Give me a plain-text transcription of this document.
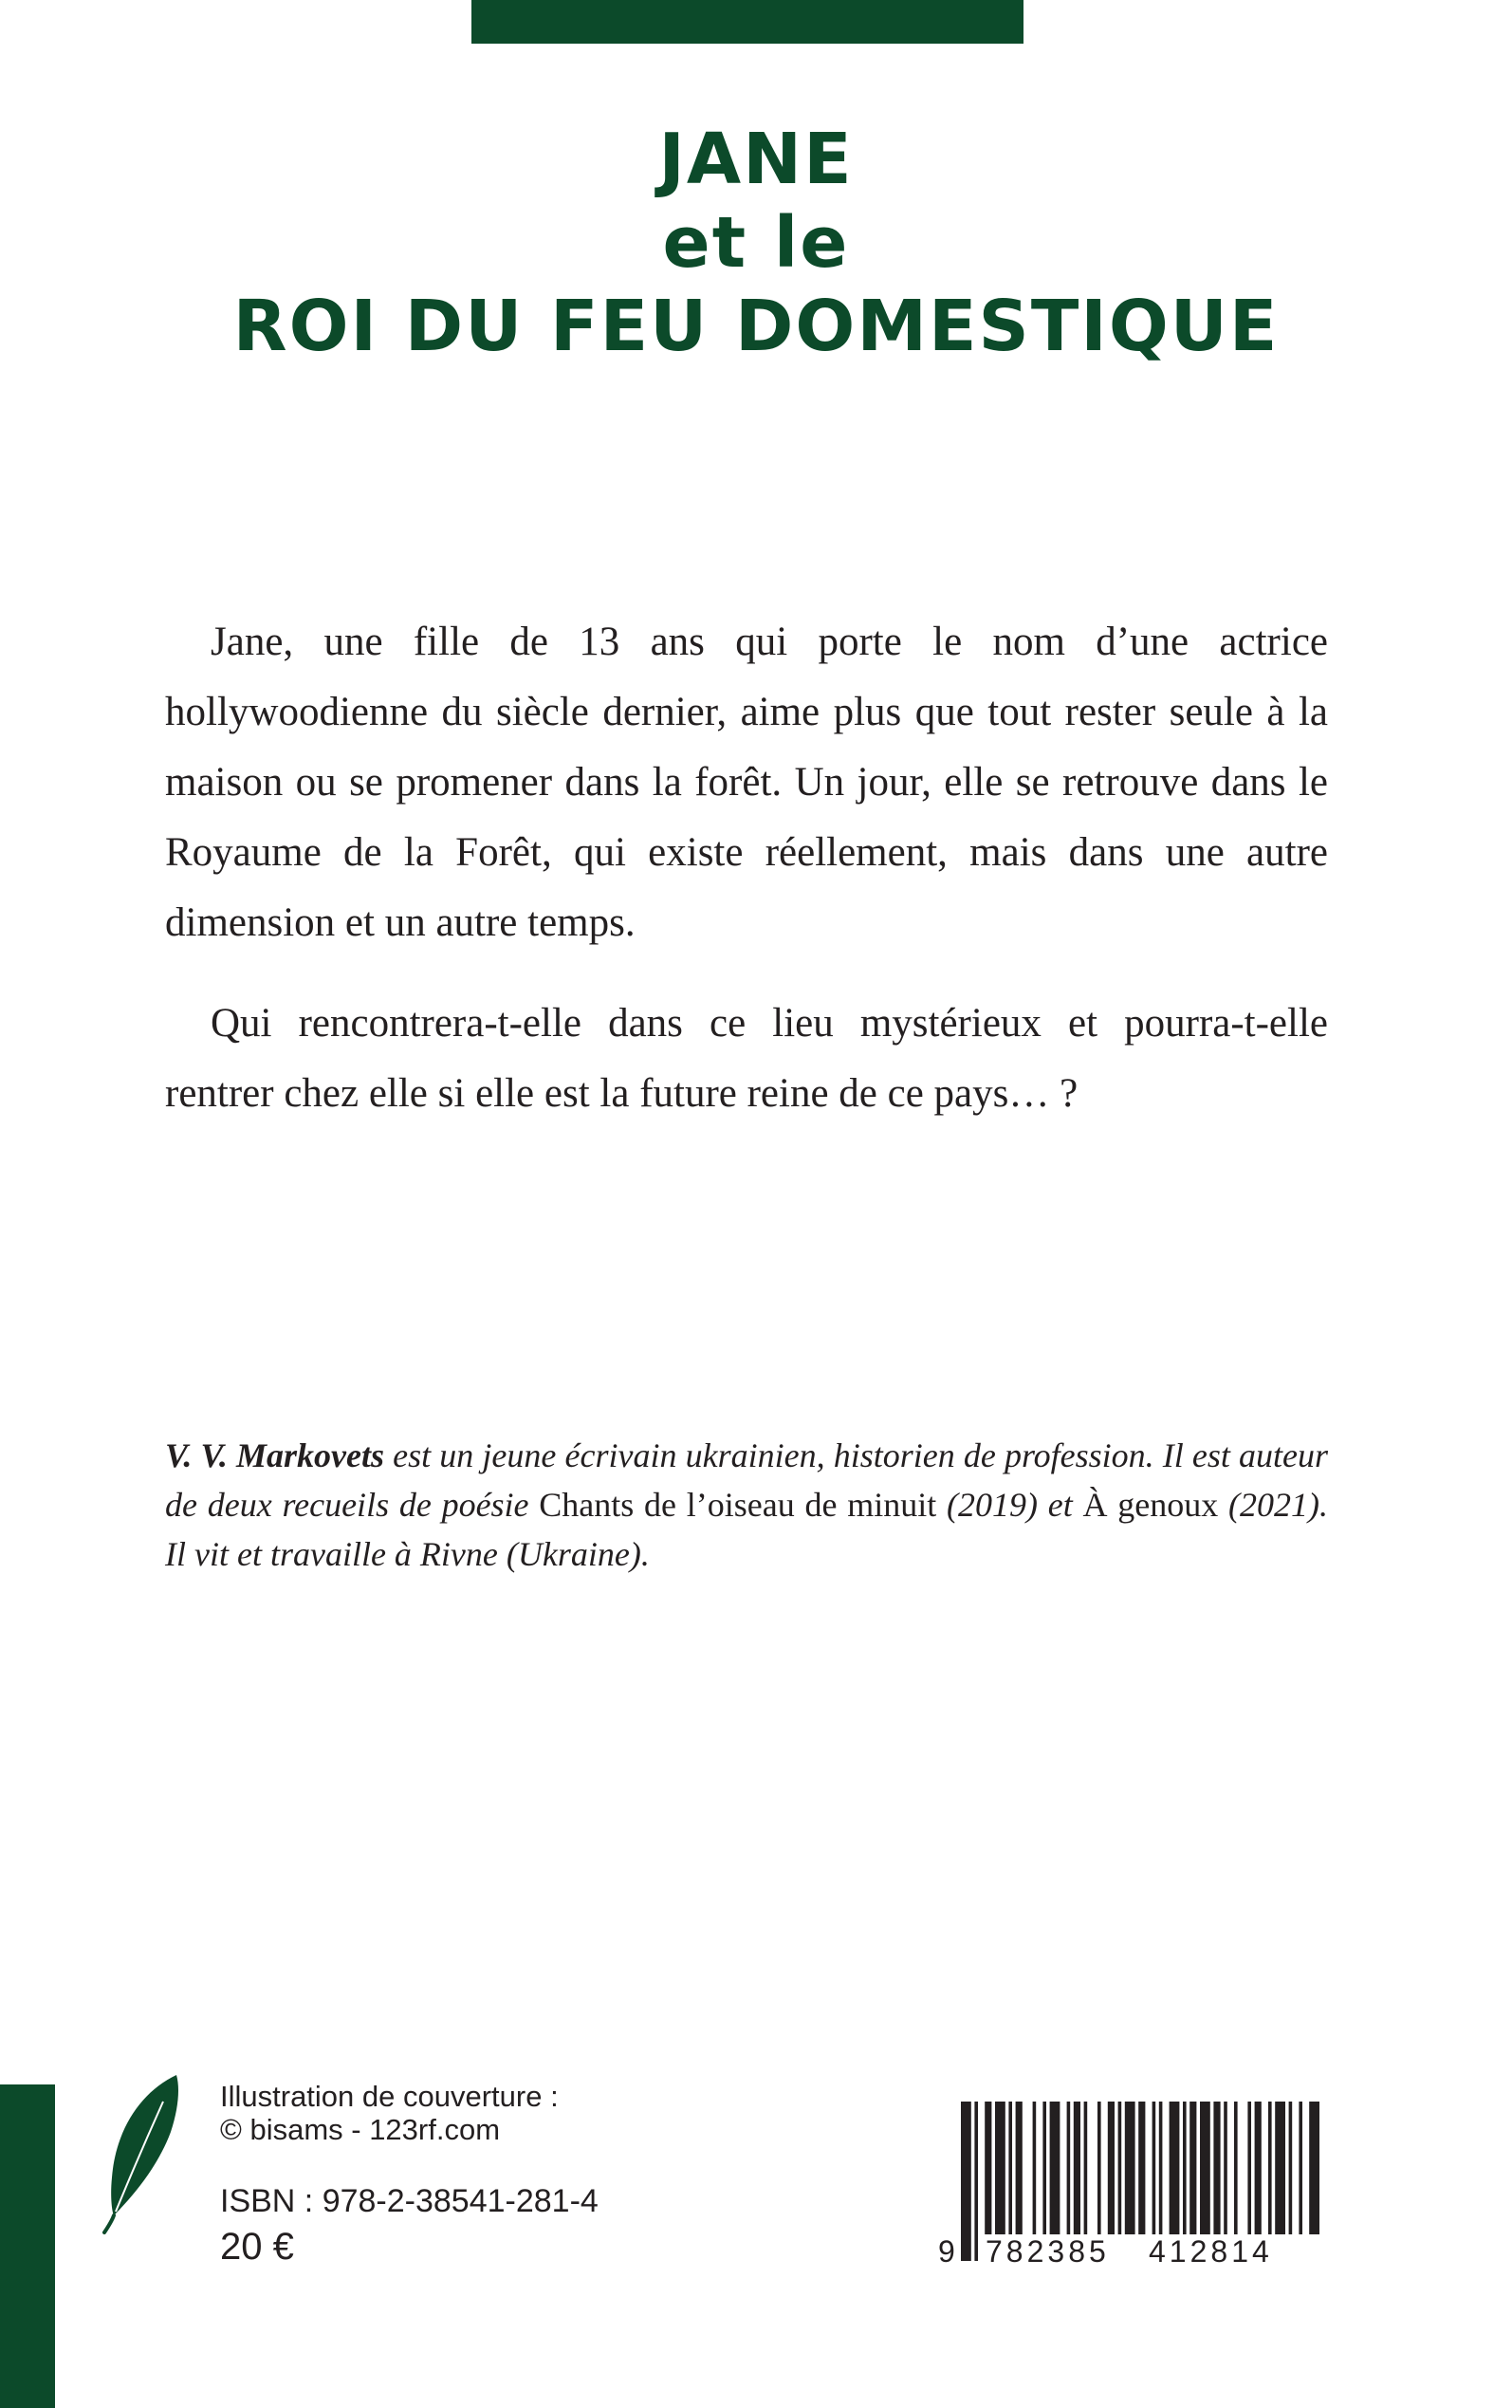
JANE
et le
ROI DU FEU DOMESTIQUE

Jane, une fille de 13 ans qui porte le nom d’une actrice hollywoodienne du siècle dernier, aime plus que tout rester seule à la maison ou se promener dans la forêt. Un jour, elle se retrouve dans le Royaume de la Forêt, qui existe réellement, mais dans une autre dimension et un autre temps.

Qui rencontrera-t-elle dans ce lieu mystérieux et pourra-t-elle rentrer chez elle si elle est la future reine de ce pays… ?

V. V. Markovets est un jeune écrivain ukrainien, historien de profession. Il est auteur de deux recueils de poésie Chants de l’oiseau de minuit (2019) et À genoux (2021). Il vit et travaille à Rivne (Ukraine).
Illustration de couverture :
© bisams - 123rf.com
ISBN : 978-2-38541-281-4
20 €	9 782385 412814
